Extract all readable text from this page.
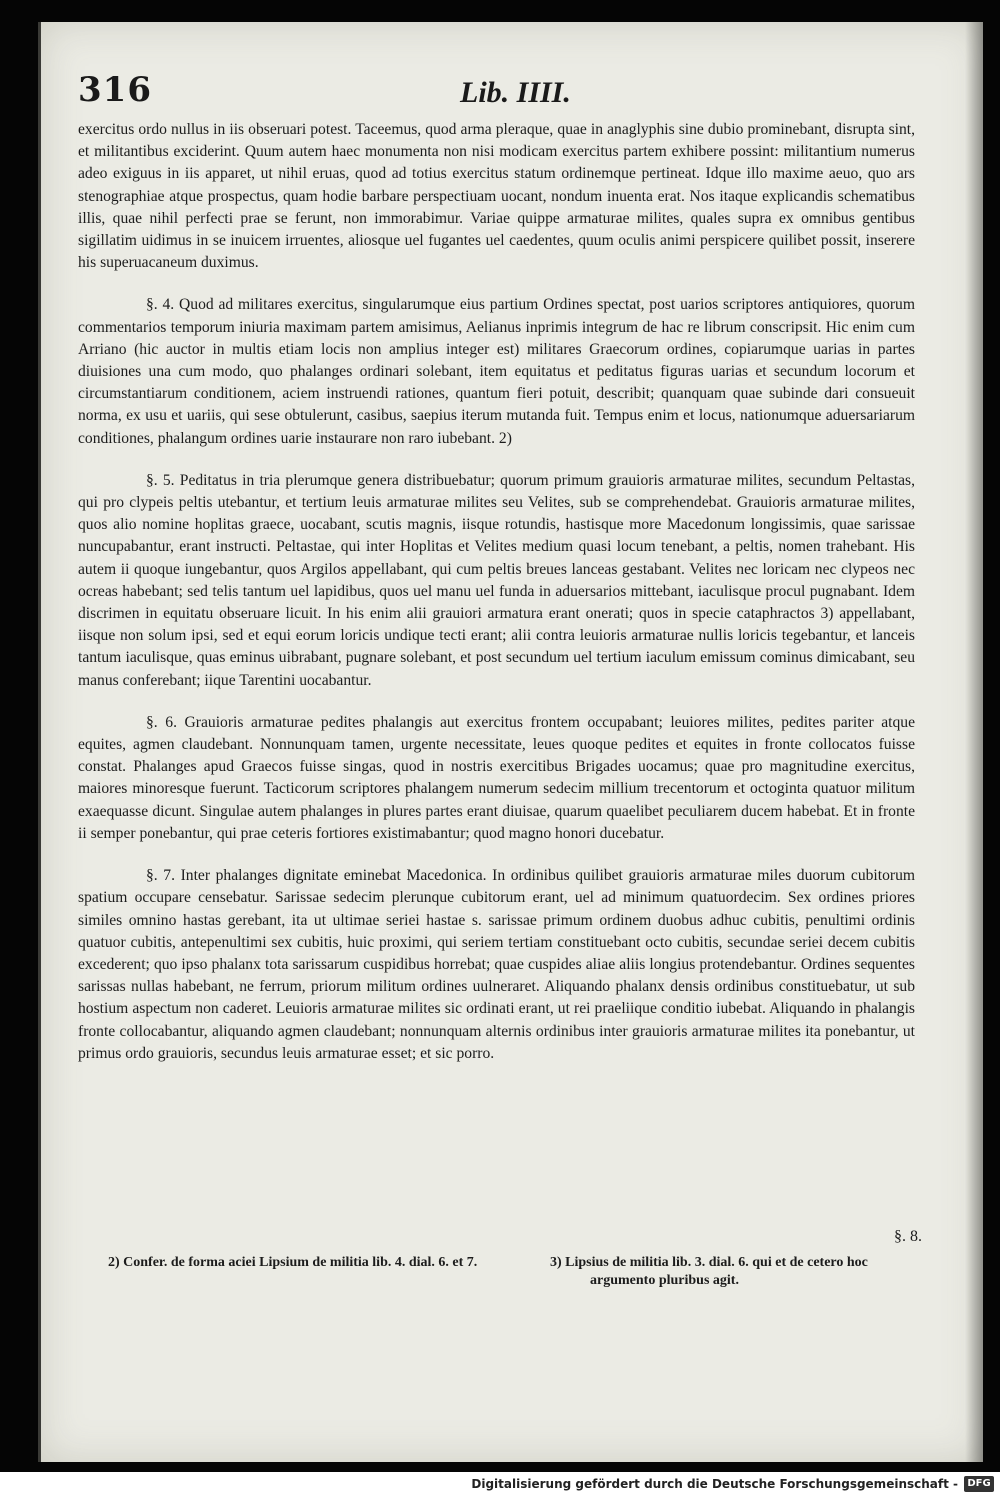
316	Lib. IIII.

exercitus ordo nullus in iis obseruari potest. Taceemus, quod arma pleraque, quae in anaglyphis sine dubio prominebant, disrupta sint, et militantibus exciderint. Quum autem haec monumenta non nisi modicam exercitus partem exhibere possint: militantium numerus adeo exiguus in iis apparet, ut nihil eruas, quod ad totius exercitus statum ordinemque pertineat. Idque illo maxime aeuo, quo ars stenographiae atque prospectus, quam hodie barbare perspectiuam uocant, nondum inuenta erat. Nos itaque explicandis schematibus illis, quae nihil perfecti prae se ferunt, non immorabimur. Variae quippe armaturae milites, quales supra ex omnibus gentibus sigillatim uidimus in se inuicem irruentes, aliosque uel fugantes uel caedentes, quum oculis animi perspicere quilibet possit, inserere his superuacaneum duximus.

§. 4. Quod ad militares exercitus, singularumque eius partium Ordines spectat, post uarios scriptores antiquiores, quorum commentarios temporum iniuria maximam partem amisimus, Aelianus inprimis integrum de hac re librum conscripsit. Hic enim cum Arriano (hic auctor in multis etiam locis non amplius integer est) militares Graecorum ordines, copiarumque uarias in partes diuisiones una cum modo, quo phalanges ordinari solebant, item equitatus et peditatus figuras uarias et secundum locorum et circumstantiarum conditionem, aciem instruendi rationes, quantum fieri potuit, describit; quanquam quae subinde dari consueuit norma, ex usu et uariis, qui sese obtulerunt, casibus, saepius iterum mutanda fuit. Tempus enim et locus, nationumque aduersariarum conditiones, phalangum ordines uarie instaurare non raro iubebant. 2)

§. 5. Peditatus in tria plerumque genera distribuebatur; quorum primum grauioris armaturae milites, secundum Peltastas, qui pro clypeis peltis utebantur, et tertium leuis armaturae milites seu Velites, sub se comprehendebat. Grauioris armaturae milites, quos alio nomine hoplitas graece, uocabant, scutis magnis, iisque rotundis, hastisque more Macedonum longissimis, quae sarissae nuncupabantur, erant instructi. Peltastae, qui inter Hoplitas et Velites medium quasi locum tenebant, a peltis, nomen trahebant. His autem ii quoque iungebantur, quos Argilos appellabant, qui cum peltis breues lanceas gestabant. Velites nec loricam nec clypeos nec ocreas habebant; sed telis tantum uel lapidibus, quos uel manu uel funda in aduersarios mittebant, iaculisque procul pugnabant. Idem discrimen in equitatu obseruare licuit. In his enim alii grauiori armatura erant onerati; quos in specie cataphractos 3) appellabant, iisque non solum ipsi, sed et equi eorum loricis undique tecti erant; alii contra leuioris armaturae nullis loricis tegebantur, et lanceis tantum iaculisque, quas eminus uibrabant, pugnare solebant, et post secundum uel tertium iaculum emissum cominus dimicabant, seu manus conferebant; iique Tarentini uocabantur.

§. 6. Grauioris armaturae pedites phalangis aut exercitus frontem occupabant; leuiores milites, pedites pariter atque equites, agmen claudebant. Nonnunquam tamen, urgente necessitate, leues quoque pedites et equites in fronte collocatos fuisse constat. Phalanges apud Graecos fuisse singas, quod in nostris exercitibus Brigades uocamus; quae pro magnitudine exercitus, maiores minoresque fuerunt. Tacticorum scriptores phalangem numerum sedecim millium trecentorum et octoginta quatuor militum exaequasse dicunt. Singulae autem phalanges in plures partes erant diuisae, quarum quaelibet peculiarem ducem habebat. Et in fronte ii semper ponebantur, qui prae ceteris fortiores existimabantur; quod magno honori ducebatur.

§. 7. Inter phalanges dignitate eminebat Macedonica. In ordinibus quilibet grauioris armaturae miles duorum cubitorum spatium occupare censebatur. Sarissae sedecim plerunque cubitorum erant, uel ad minimum quatuordecim. Sex ordines priores similes omnino hastas gerebant, ita ut ultimae seriei hastae s. sarissae primum ordinem duobus adhuc cubitis, penultimi ordinis quatuor cubitis, antepenultimi sex cubitis, huic proximi, qui seriem tertiam constituebant octo cubitis, secundae seriei decem cubitis excederent; quo ipso phalanx tota sarissarum cuspidibus horrebat; quae cuspides aliae aliis longius protendebantur. Ordines sequentes sarissas nullas habebant, ne ferrum, priorum militum ordines uulneraret. Aliquando phalanx densis ordinibus constituebatur, ut sub hostium aspectum non caderet. Leuioris armaturae milites sic ordinati erant, ut rei praeliique conditio iubebat. Aliquando in phalangis fronte collocabantur, aliquando agmen claudebant; nonnunquam alternis ordinibus inter grauioris armaturae milites ita ponebantur, ut primus ordo grauioris, secundus leuis armaturae esset; et sic porro.

§. 8.
2) Confer. de forma aciei Lipsium de militia lib. 4. dial. 6. et 7.	3) Lipsius de militia lib. 3. dial. 6. qui et de cetero hoc argumento pluribus agit.
Digitalisierung gefördert durch die Deutsche Forschungsgemeinschaft - DFG
